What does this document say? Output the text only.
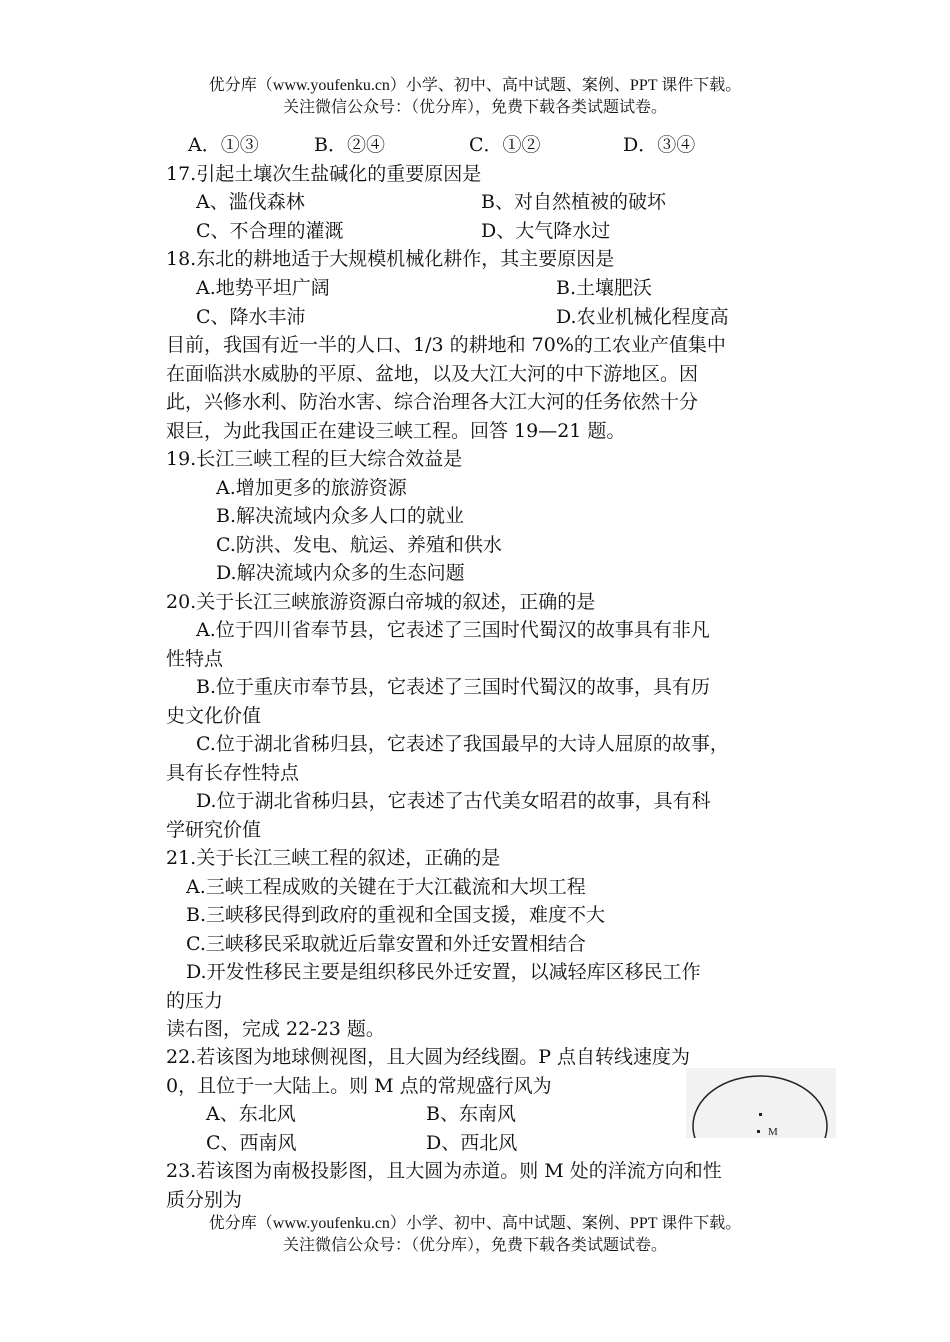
优分库（www.youfenku.cn）小学、初中、高中试题、案例、PPT 课件下载。
关注微信公众号：（优分库），免费下载各类试题试卷。
A．①③	B．②④	C．①②	D．③④
17.引起土壤次生盐碱化的重要原因是
A、滥伐森林	B、对自然植被的破坏
C、不合理的灌溉	D、大气降水过
18.东北的耕地适于大规模机械化耕作，其主要原因是
A.地势平坦广阔	B.土壤肥沃
C、降水丰沛	D.农业机械化程度高
目前，我国有近一半的人口、1/3 的耕地和 70%的工农业产值集中
在面临洪水威胁的平原、盆地，以及大江大河的中下游地区。因
此，兴修水利、防治水害、综合治理各大江大河的任务依然十分
艰巨，为此我国正在建设三峡工程。回答 19—21 题。
19.长江三峡工程的巨大综合效益是
A.增加更多的旅游资源
B.解决流域内众多人口的就业
C.防洪、发电、航运、养殖和供水
D.解决流域内众多的生态问题
20.关于长江三峡旅游资源白帝城的叙述，正确的是
A.位于四川省奉节县，它表述了三国时代蜀汉的故事具有非凡
性特点
B.位于重庆市奉节县，它表述了三国时代蜀汉的故事，具有历
史文化价值
C.位于湖北省秭归县，它表述了我国最早的大诗人屈原的故事，
具有长存性特点
D.位于湖北省秭归县，它表述了古代美女昭君的故事，具有科
学研究价值
21.关于长江三峡工程的叙述，正确的是
A.三峡工程成败的关键在于大江截流和大坝工程
B.三峡移民得到政府的重视和全国支援，难度不大
C.三峡移民采取就近后靠安置和外迁安置相结合
D.开发性移民主要是组织移民外迁安置，以减轻库区移民工作
的压力
读右图，完成 22-23 题。
22.若该图为地球侧视图，且大圆为经线圈。P 点自转线速度为
0，且位于一大陆上。则 M 点的常规盛行风为
A、东北风	B、东南风
C、西南风	D、西北风	M
23.若该图为南极投影图，且大圆为赤道。则 M 处的洋流方向和性
质分别为
优分库（www.youfenku.cn）小学、初中、高中试题、案例、PPT 课件下载。
关注微信公众号：（优分库），免费下载各类试题试卷。
